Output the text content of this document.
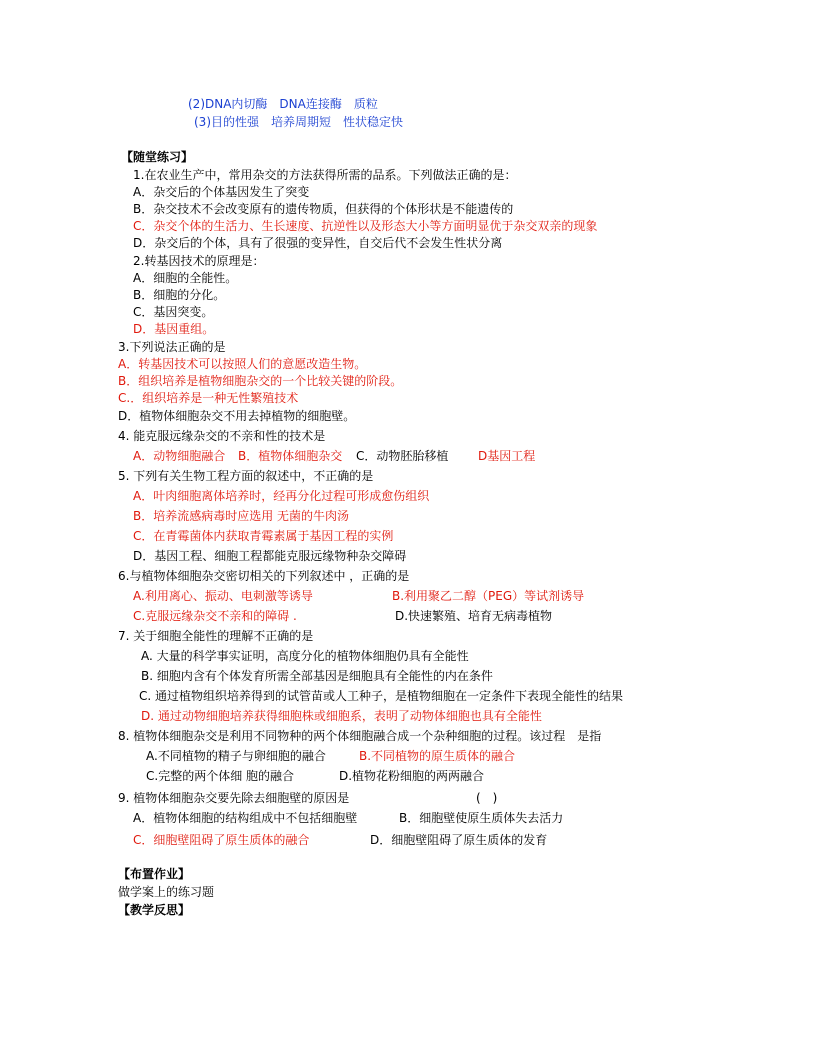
(2)DNA内切酶　DNA连接酶　质粒
(3)目的性强　培养周期短　性状稳定快
【随堂练习】
1.在农业生产中，常用杂交的方法获得所需的品系。下列做法正确的是：
A．杂交后的个体基因发生了突变
B．杂交技术不会改变原有的遗传物质，但获得的个体形状是不能遗传的
C．杂交个体的生活力、生长速度、抗逆性以及形态大小等方面明显优于杂交双亲的现象
D．杂交后的个体，具有了很强的变异性，自交后代不会发生性状分离
2.转基因技术的原理是：
A．细胞的全能性。
B．细胞的分化。
C．基因突变。
D．基因重组。
3.下列说法正确的是
A．转基因技术可以按照人们的意愿改造生物。
B．组织培养是植物细胞杂交的一个比较关键的阶段。
C.．组织培养是一种无性繁殖技术
D．植物体细胞杂交不用去掉植物的细胞壁。
4. 能克服远缘杂交的不亲和性的技术是
A．动物细胞融合 B．植物体细胞杂交 C．动物胚胎移植 D基因工程
5. 下列有关生物工程方面的叙述中，不正确的是
A．叶肉细胞离体培养时，经再分化过程可形成愈伤组织
B．培养流感病毒时应选用 无菌的牛肉汤
C．在青霉菌体内获取青霉素属于基因工程的实例
D．基因工程、细胞工程都能克服远缘物种杂交障碍
6.与植物体细胞杂交密切相关的下列叙述中 ，正确的是
A.利用离心、振动、电刺激等诱导	B.利用聚乙二醇（PEG）等试剂诱导
C.克服远缘杂交不亲和的障碍 .	D.快速繁殖、培育无病毒植物
7. 关于细胞全能性的理解不正确的是
A. 大量的科学事实证明，高度分化的植物体细胞仍具有全能性
B. 细胞内含有个体发育所需全部基因是细胞具有全能性的内在条件
C. 通过植物组织培养得到的试管苗或人工种子，是植物细胞在一定条件下表现全能性的结果
D. 通过动物细胞培养获得细胞株或细胞系，表明了动物体细胞也具有全能性
8. 植物体细胞杂交是利用不同物种的两个体细胞融合成一个杂种细胞的过程。该过程　是指
A.不同植物的精子与卵细胞的融合	B.不同植物的原生质体的融合
C.完整的两个体细 胞的融合	D.植物花粉细胞的两两融合
9. 植物体细胞杂交要先除去细胞壁的原因是	(　)
A．植物体细胞的结构组成中不包括细胞壁	B．细胞壁使原生质体失去活力
C．细胞壁阻碍了原生质体的融合	D．细胞壁阻碍了原生质体的发育
【布置作业】
做学案上的练习题
【教学反思】
